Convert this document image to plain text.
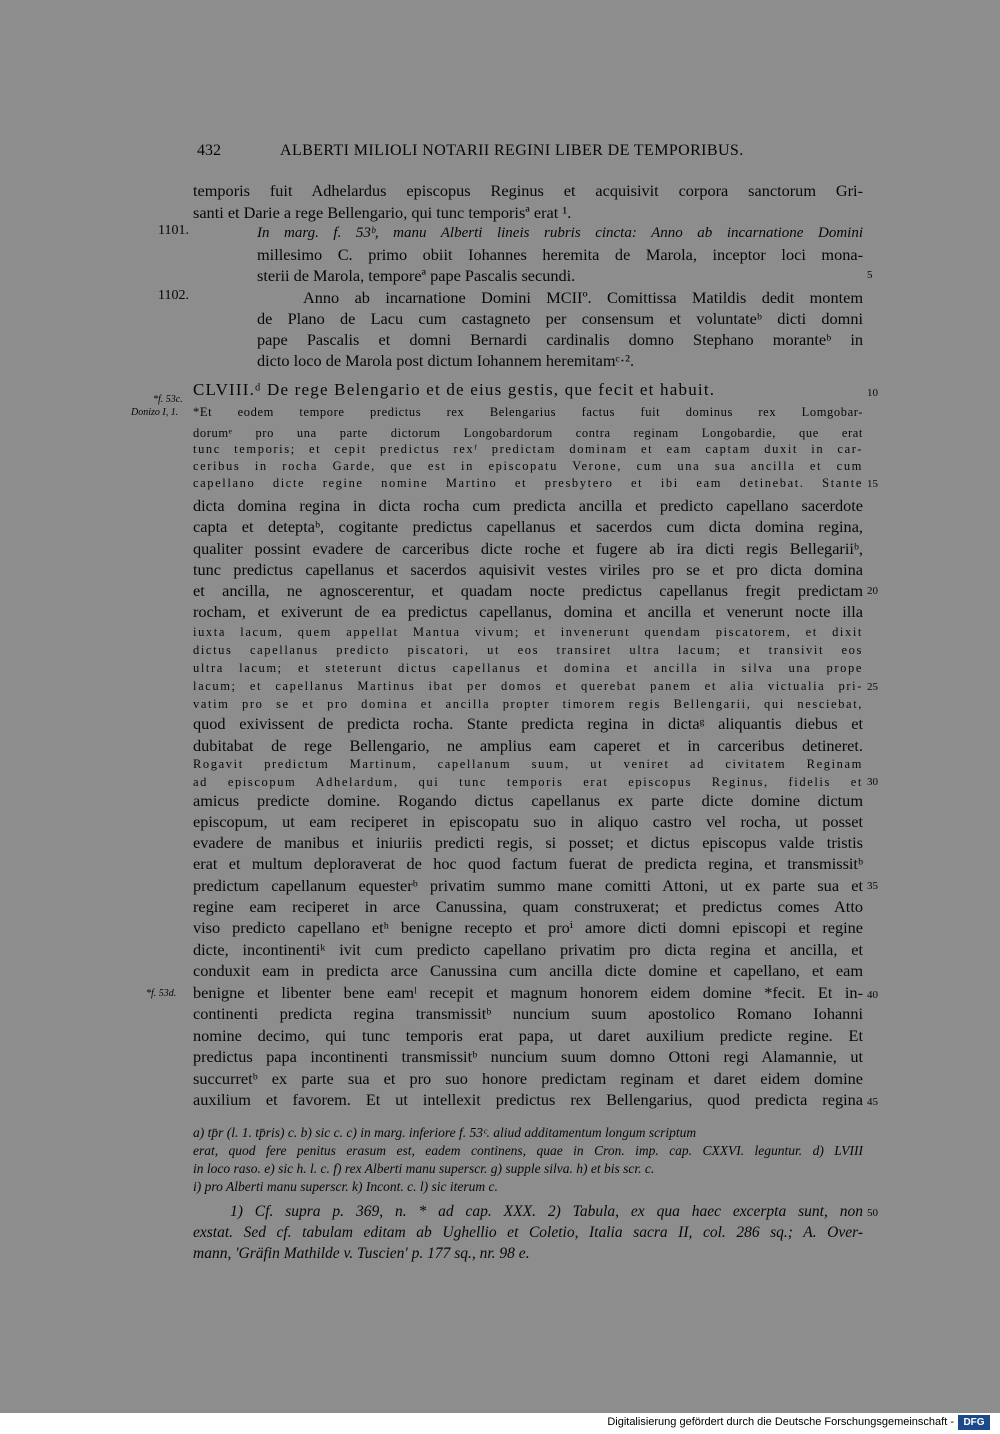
432	ALBERTI MILIOLI NOTARII REGINI LIBER DE TEMPORIBUS.
1101.
1102.
*f. 53c.
Donizo I, 1.
*f. 53d.
5
10
15
20
25
30
35
40
45
50
temporis fuit Adhelardus episcopus Reginus et acquisivit corpora sanctorum Gri-
santi et Darie a rege Bellengario, qui tunc temporisª erat ¹.
In marg. f. 53ᵇ, manu Alberti lineis rubris cincta: Anno ab incarnatione Domini
millesimo C. primo obiit Iohannes heremita de Marola, inceptor loci mona-
sterii de Marola, temporeª pape Pascalis secundi.
Anno ab incarnatione Domini MCIIº. Comittissa Matildis dedit montem
de Plano de Lacu cum castagneto per consensum et voluntateᵇ dicti domni
pape Pascalis et domni Bernardi cardinalis domno Stephano moranteᵇ in
dicto loco de Marola post dictum Iohannem heremitamᶜ·².
CLVIII.ᵈ De rege Belengario et de eius gestis, que fecit et habuit.
*Et eodem tempore predictus rex Belengarius factus fuit dominus rex Lomgobar-
dorumᵉ pro una parte dictorum Longobardorum contra reginam Longobardie, que erat
tunc temporis; et cepit predictus rexᶠ predictam dominam et eam captam duxit in car-
ceribus in rocha Garde, que est in episcopatu Verone, cum una sua ancilla et cum
capellano dicte regine nomine Martino et presbytero et ibi eam detinebat. Stante
dicta domina regina in dicta rocha cum predicta ancilla et predicto capellano sacerdote
capta et deteptaᵇ, cogitante predictus capellanus et sacerdos cum dicta domina regina,
qualiter possint evadere de carceribus dicte roche et fugere ab ira dicti regis Bellegariiᵇ,
tunc predictus capellanus et sacerdos aquisivit vestes viriles pro se et pro dicta domina
et ancilla, ne agnoscerentur, et quadam nocte predictus capellanus fregit predictam
rocham, et exiverunt de ea predictus capellanus, domina et ancilla et venerunt nocte illa
iuxta lacum, quem appellat Mantua vivum; et invenerunt quendam piscatorem, et dixit
dictus capellanus predicto piscatori, ut eos transiret ultra lacum; et transivit eos
ultra lacum; et steterunt dictus capellanus et domina et ancilla in silva una prope
lacum; et capellanus Martinus ibat per domos et querebat panem et alia victualia pri-
vatim pro se et pro domina et ancilla propter timorem regis Bellengarii, qui nesciebat,
quod exivissent de predicta rocha. Stante predicta regina in dictaᵍ aliquantis diebus et
dubitabat de rege Bellengario, ne amplius eam caperet et in carceribus detineret.
Rogavit predictum Martinum, capellanum suum, ut veniret ad civitatem Reginam
ad episcopum Adhelardum, qui tunc temporis erat episcopus Reginus, fidelis et
amicus predicte domine. Rogando dictus capellanus ex parte dicte domine dictum
episcopum, ut eam reciperet in episcopatu suo in aliquo castro vel rocha, ut posset
evadere de manibus et iniuriis predicti regis, si posset; et dictus episcopus valde tristis
erat et multum deploraverat de hoc quod factum fuerat de predicta regina, et transmissitᵇ
predictum capellanum equesterᵇ privatim summo mane comitti Attoni, ut ex parte sua et
regine eam reciperet in arce Canussina, quam construxerat; et predictus comes Atto
viso predicto capellano etʰ benigne recepto et proⁱ amore dicti domni episcopi et regine
dicte, incontinentiᵏ ivit cum predicto capellano privatim pro dicta regina et ancilla, et
conduxit eam in predicta arce Canussina cum ancilla dicte domine et capellano, et eam
benigne et libenter bene eamˡ recepit et magnum honorem eidem domine *fecit. Et in-
continenti predicta regina transmissitᵇ nuncium suum apostolico Romano Iohanni
nomine decimo, qui tunc temporis erat papa, ut daret auxilium predicte regine. Et
predictus papa incontinenti transmissitᵇ nuncium suum domno Ottoni regi Alamannie, ut
succurretᵇ ex parte sua et pro suo honore predictam reginam et daret eidem domine
auxilium et favorem. Et ut intellexit predictus rex Bellengarius, quod predicta regina
a) tp̄r (l. 1. tp̄ris) c. b) sic c. c) in marg. inferiore f. 53ᶜ. aliud additamentum longum scriptum
erat, quod fere penitus erasum est, eadem continens, quae in Cron. imp. cap. CXXVI. leguntur. d) LVIII
in loco raso. e) sic h. l. c. f) rex Alberti manu superscr. g) supple silva. h) et bis scr. c.
i) pro Alberti manu superscr. k) Incont. c. l) sic iterum c.
1) Cf. supra p. 369, n. * ad cap. XXX. 2) Tabula, ex qua haec excerpta sunt, non
exstat. Sed cf. tabulam editam ab Ughellio et Coletio, Italia sacra II, col. 286 sq.; A. Over-
mann, 'Gräfin Mathilde v. Tuscien' p. 177 sq., nr. 98 e.
Digitalisierung gefördert durch die Deutsche Forschungsgemeinschaft - DFG
